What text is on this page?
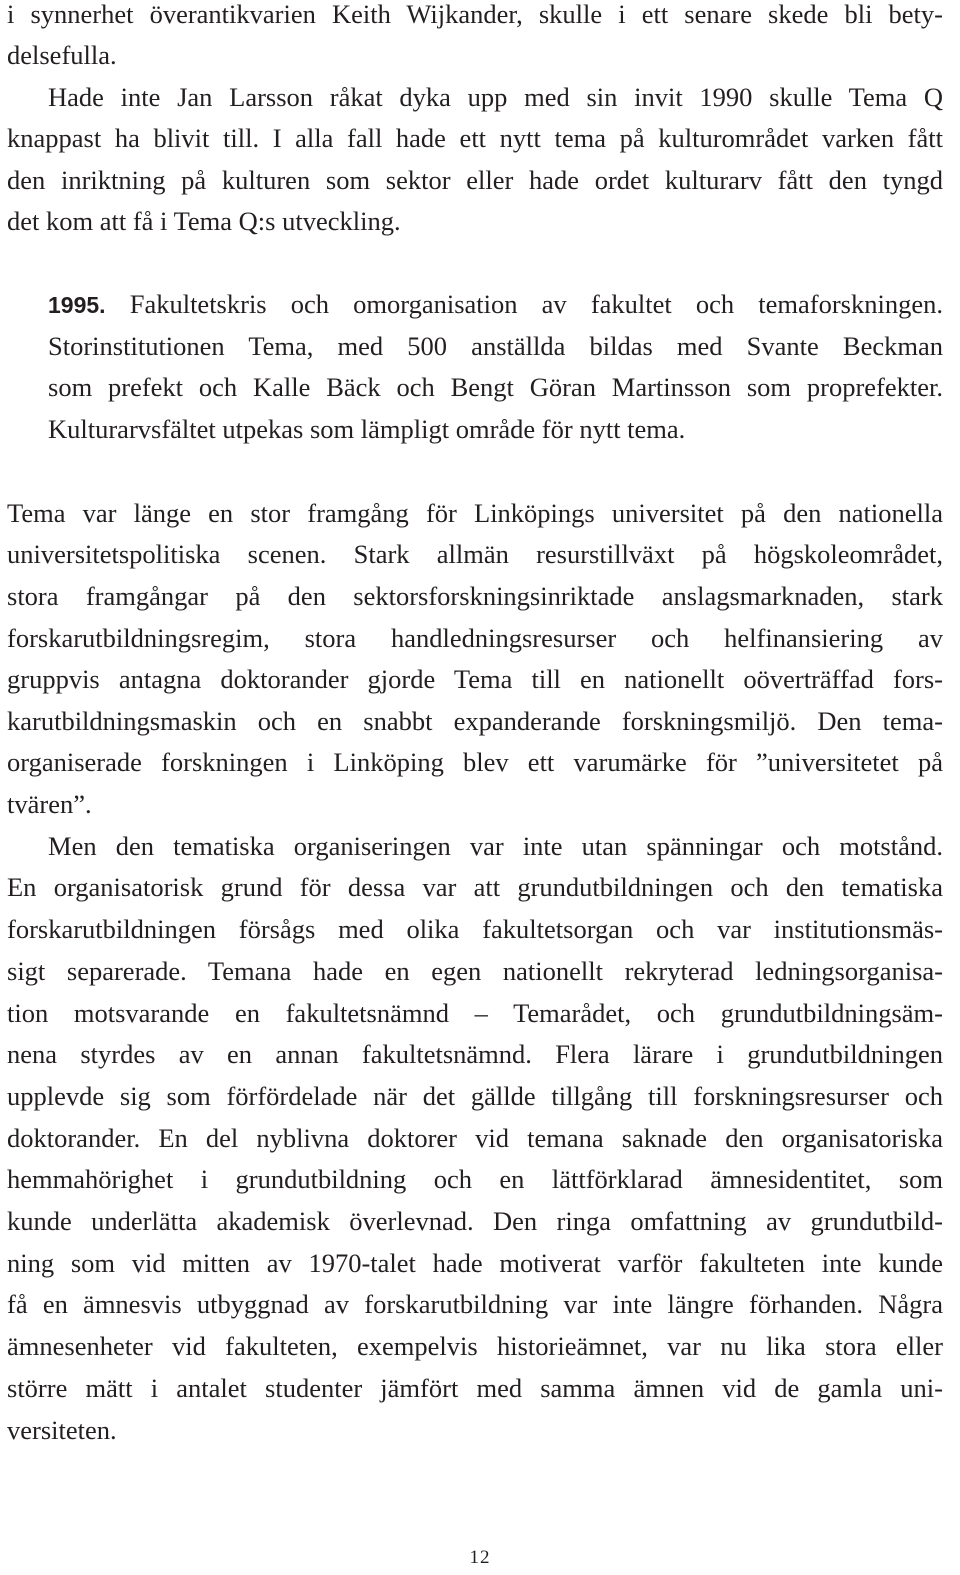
i synnerhet överantikvarien Keith Wijkander, skulle i ett senare skede bli bety-
delsefulla.
Hade inte Jan Larsson råkat dyka upp med sin invit 1990 skulle Tema Q
knappast ha blivit till. I alla fall hade ett nytt tema på kulturområdet varken fått
den inriktning på kulturen som sektor eller hade ordet kulturarv fått den tyngd
det kom att få i Tema Q:s utveckling.
1995. Fakultetskris och omorganisation av fakultet och temaforskningen.
Storinstitutionen Tema, med 500 anställda bildas med Svante Beckman
som prefekt och Kalle Bäck och Bengt Göran Martinsson som proprefekter.
Kulturarvsfältet utpekas som lämpligt område för nytt tema.
Tema var länge en stor framgång för Linköpings universitet på den nationella
universitetspolitiska scenen. Stark allmän resurstillväxt på högskoleområdet,
stora framgångar på den sektorsforskningsinriktade anslagsmarknaden, stark
forskarutbildningsregim, stora handledningsresurser och helfinansiering av
gruppvis antagna doktorander gjorde Tema till en nationellt oöverträffad fors-
karutbildningsmaskin och en snabbt expanderande forskningsmiljö. Den tema-
organiserade forskningen i Linköping blev ett varumärke för ”universitetet på
tvären”.
Men den tematiska organiseringen var inte utan spänningar och motstånd.
En organisatorisk grund för dessa var att grundutbildningen och den tematiska
forskarutbildningen försågs med olika fakultetsorgan och var institutionsmäs-
sigt separerade. Temana hade en egen nationellt rekryterad ledningsorganisa-
tion motsvarande en fakultetsnämnd – Temarådet, och grundutbildningsäm-
nena styrdes av en annan fakultetsnämnd. Flera lärare i grundutbildningen
upplevde sig som förfördelade när det gällde tillgång till forskningsresurser och
doktorander. En del nyblivna doktorer vid temana saknade den organisatoriska
hemmahörighet i grundutbildning och en lättförklarad ämnesidentitet, som
kunde underlätta akademisk överlevnad. Den ringa omfattning av grundutbild-
ning som vid mitten av 1970-talet hade motiverat varför fakulteten inte kunde
få en ämnesvis utbyggnad av forskarutbildning var inte längre förhanden. Några
ämnesenheter vid fakulteten, exempelvis historieämnet, var nu lika stora eller
större mätt i antalet studenter jämfört med samma ämnen vid de gamla uni-
versiteten.
12
